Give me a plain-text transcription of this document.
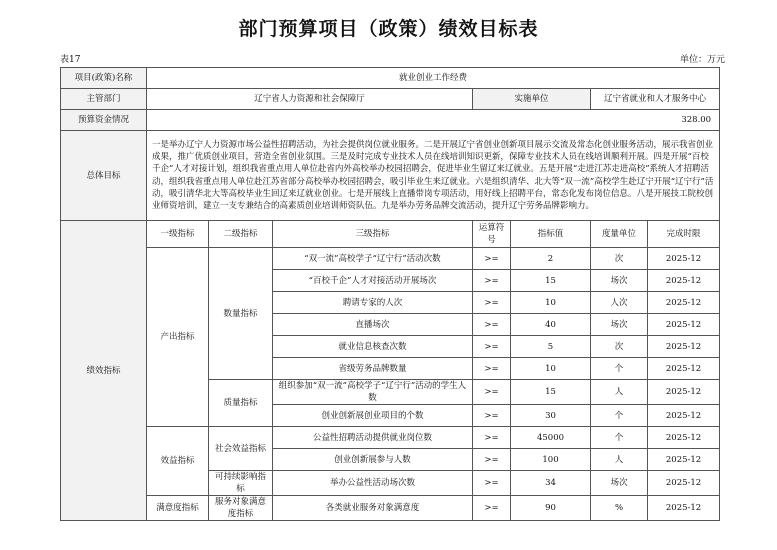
部门预算项目（政策）绩效目标表
表17	单位：万元
项目(政策)名称	就业创业工作经费						
主管部门	辽宁省人力资源和社会保障厅			实施单位		辽宁省就业和人才服务中心	
预算资金情况	328.00						
总体目标	一是举办辽宁人力资源市场公益性招聘活动，为社会提供岗位就业服务。二是开展辽宁省创业创新项目展示交流及常态化创业服务活动，展示我省创业成果，推广优质创业项目，营造全省创业氛围。三是及时完成专业技术人员在线培训知识更新，保障专业技术人员在线培训顺利开展。四是开展“百校千企”人才对接计划，组织我省重点用人单位赴省内外高校举办校园招聘会，促进毕业生留辽来辽就业。五是开展“走进江苏走进高校”系统人才招聘活动，组织我省重点用人单位赴江苏省部分高校举办校园招聘会，吸引毕业生来辽就业。六是组织清华、北大等“双一流”高校学生赴辽宁开展“辽宁行”活动，吸引清华北大等高校毕业生回辽来辽就业创业。七是开展线上直播带岗专项活动，用好线上招聘平台，常态化发布岗位信息。八是开展技工院校创业师资培训，建立一支专兼结合的高素质创业培训师资队伍。九是举办劳务品牌交流活动，提升辽宁劳务品牌影响力。						
绩效指标	一级指标	二级指标	三级指标	运算符号	指标值	度量单位	完成时限
	产出指标	数量指标	“双一流”高校学子“辽宁行”活动次数	>=	2	次	2025-12
			“百校千企”人才对接活动开展场次	>=	15	场次	2025-12
			聘请专家的人次	>=	10	人次	2025-12
			直播场次	>=	40	场次	2025-12
			就业信息核查次数	>=	5	次	2025-12
			省级劳务品牌数量	>=	10	个	2025-12
		质量指标	组织参加“双一流”高校学子“辽宁行”活动的学生人数	>=	15	人	2025-12
			创业创新展创业项目的个数	>=	30	个	2025-12
	效益指标	社会效益指标	公益性招聘活动提供就业岗位数	>=	45000	个	2025-12
			创业创新展参与人数	>=	100	人	2025-12
		可持续影响指标	举办公益性活动场次数	>=	34	场次	2025-12
	满意度指标	服务对象满意度指标	各类就业服务对象满意度	>=	90	%	2025-12
